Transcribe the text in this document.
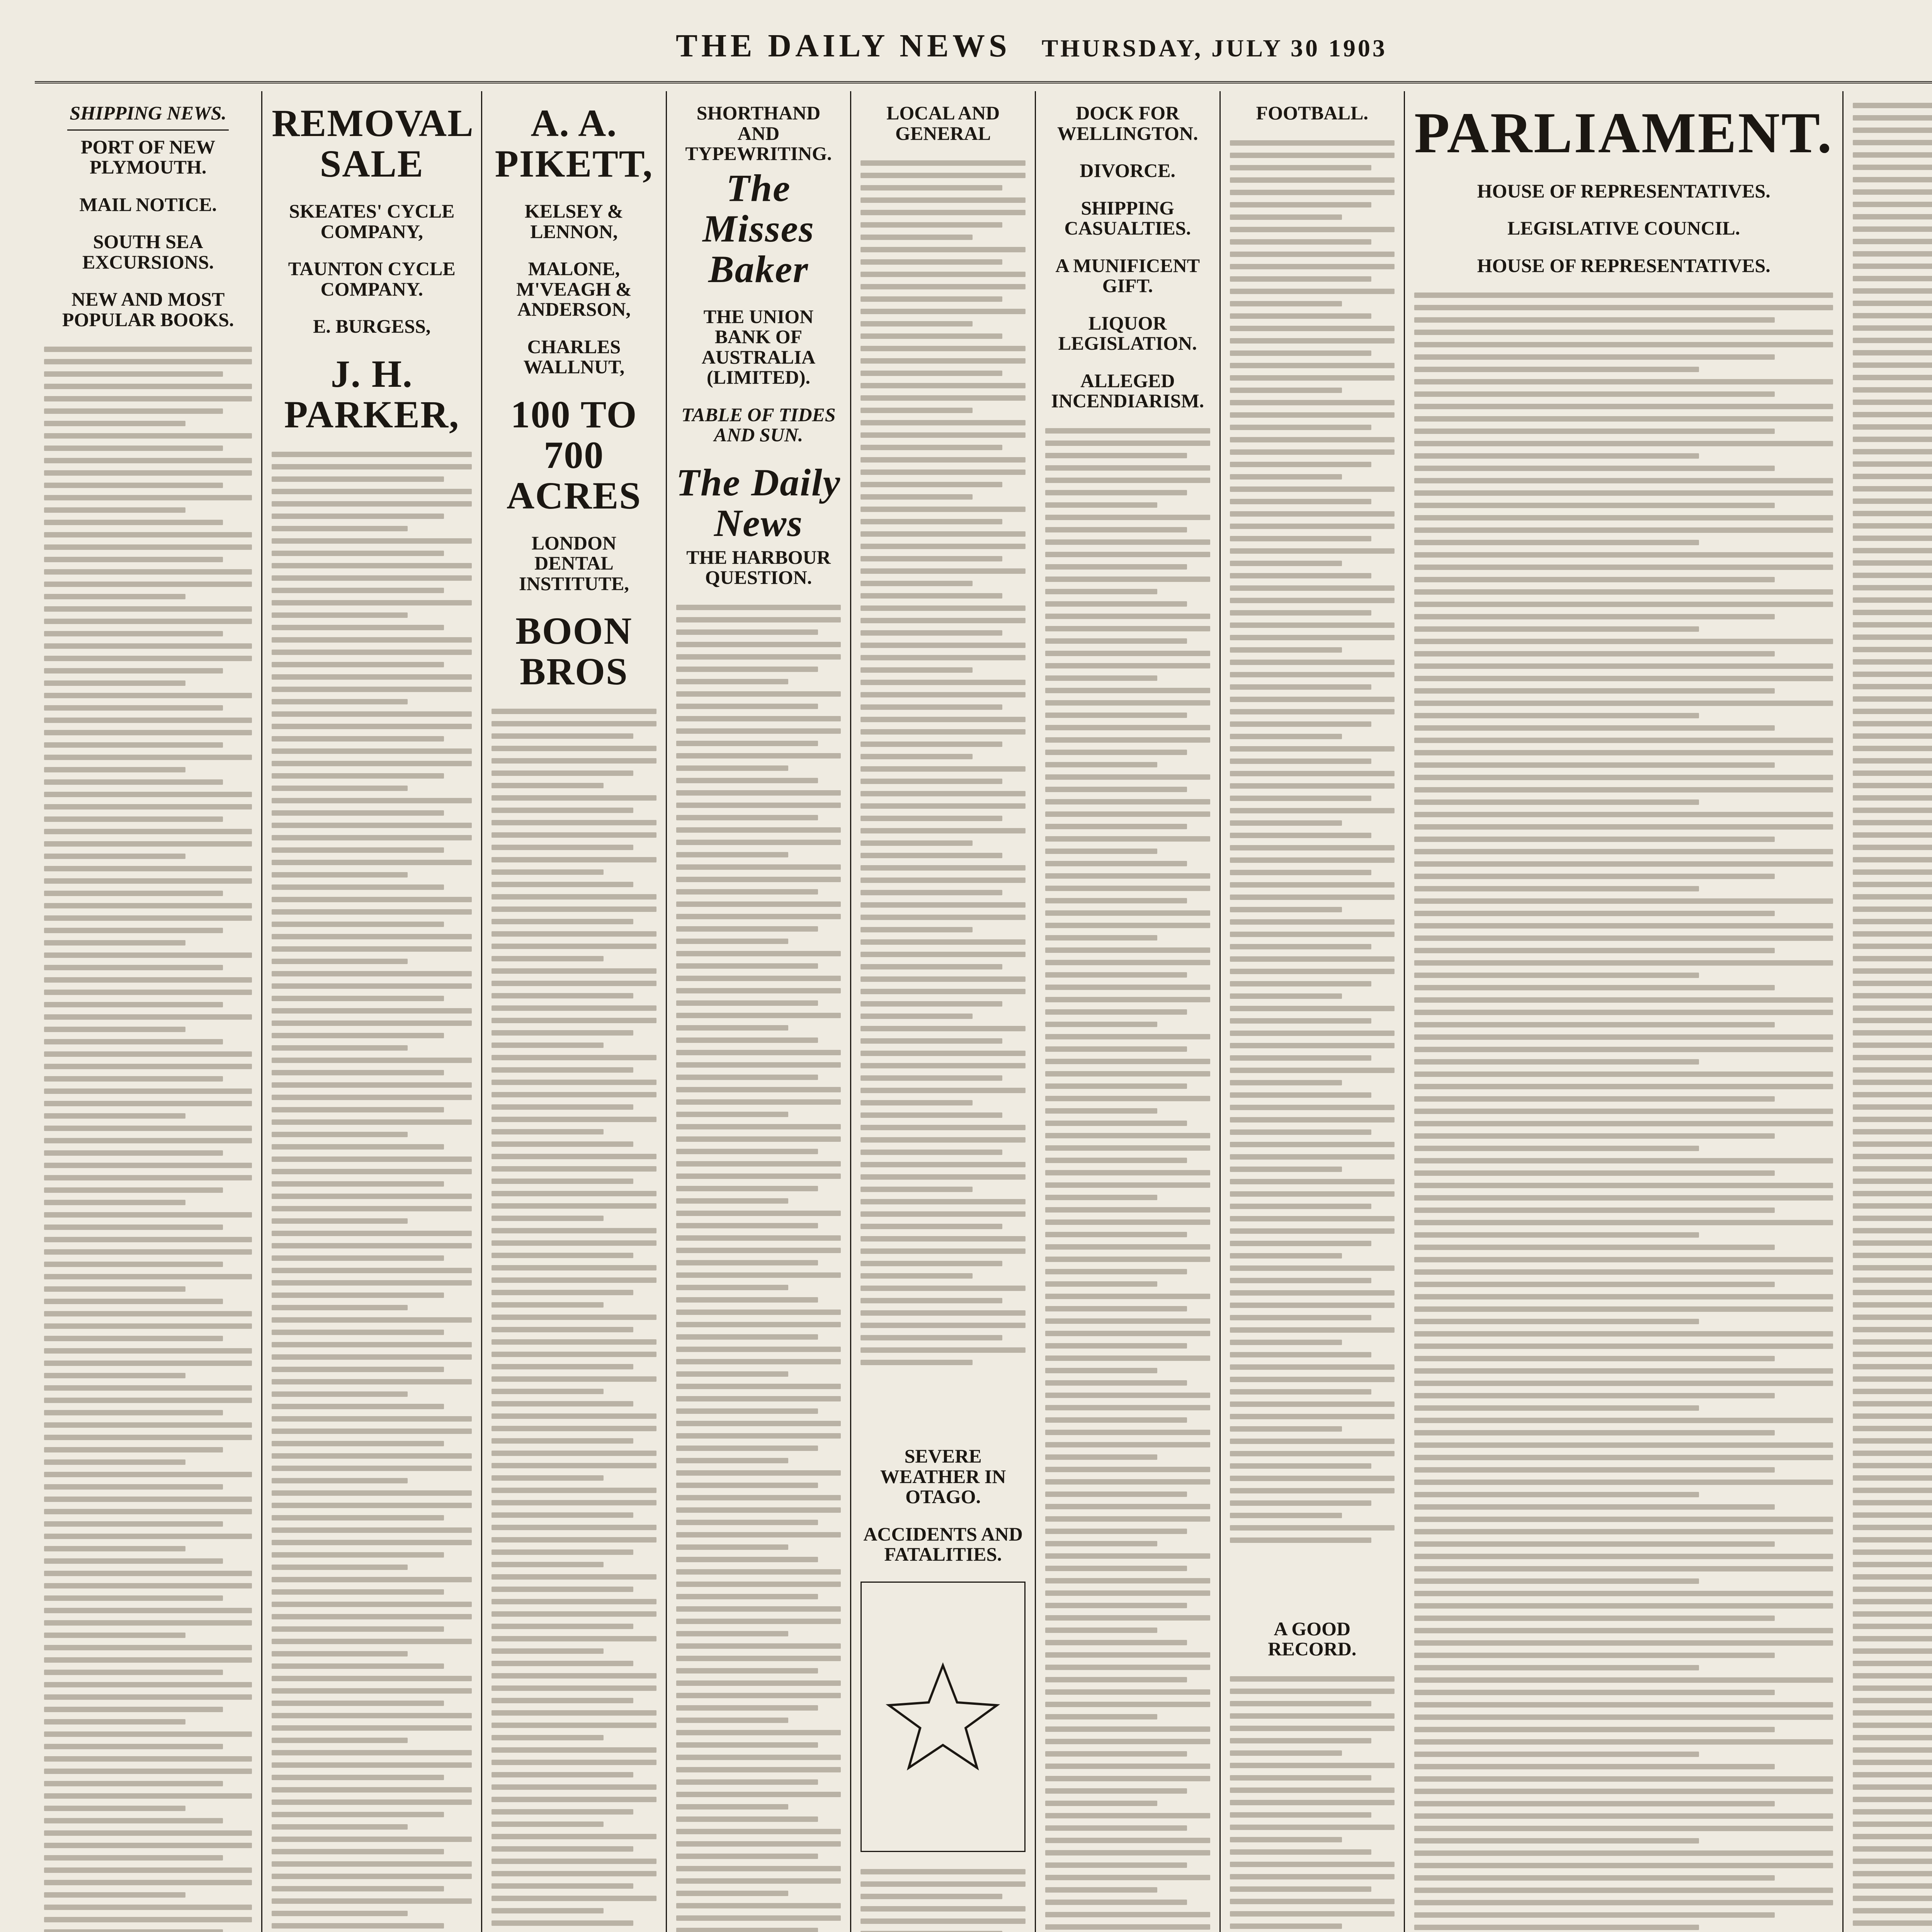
THE DAILY NEWS THURSDAY, JULY 30 1903
SHIPPING NEWS.
PORT OF NEW PLYMOUTH.
MAIL NOTICE.
SOUTH SEA EXCURSIONS.
NEW AND MOST POPULAR BOOKS.
REMOVAL SALE
SKEATES' CYCLE COMPANY,
TAUNTON CYCLE COMPANY.
E. BURGESS,
J. H. PARKER,
A. A. PIKETT,
KELSEY & LENNON,
MALONE, M'VEAGH & ANDERSON,
CHARLES WALLNUT,
100 TO 700 ACRES
LONDON DENTAL INSTITUTE,
BOON BROS
SHORTHAND AND TYPEWRITING.
The Misses Baker
THE UNION BANK OF AUSTRALIA (LIMITED).
TABLE OF TIDES AND SUN.
The Daily News
THE HARBOUR QUESTION.
LOCAL AND GENERAL
SEVERE WEATHER IN OTAGO.
ACCIDENTS AND FATALITIES.
DOCK FOR WELLINGTON.
DIVORCE.
SHIPPING CASUALTIES.
A MUNIFICENT GIFT.
LIQUOR LEGISLATION.
ALLEGED INCENDIARISM.
FOOTBALL.
A GOOD RECORD.
PARLIAMENT.
HOUSE OF REPRESENTATIVES.
LEGISLATIVE COUNCIL.
HOUSE OF REPRESENTATIVES.
